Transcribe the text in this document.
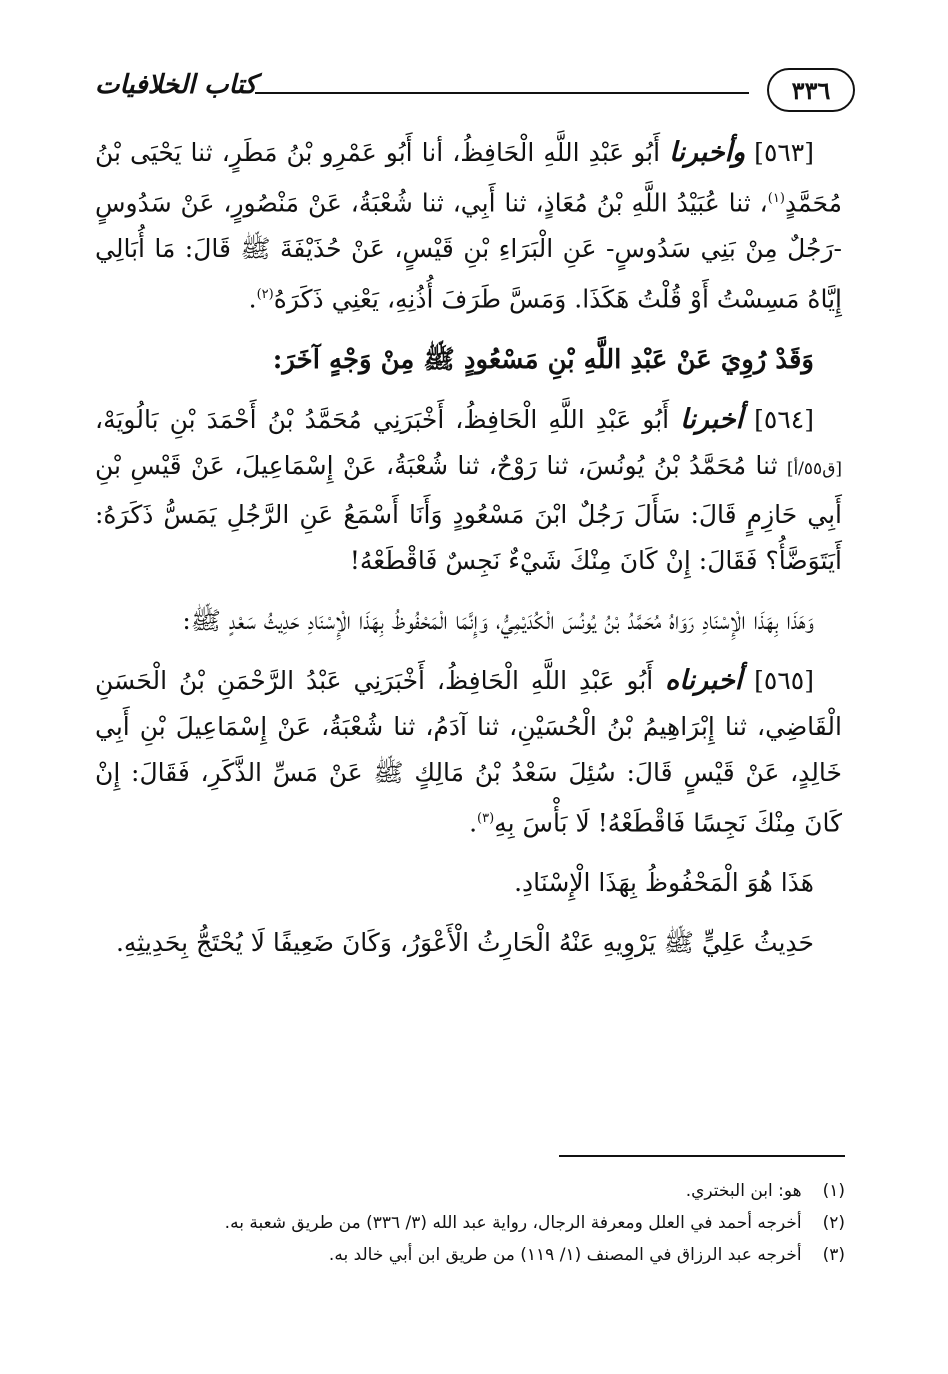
٣٣٦
كتاب الخلافيات

[٥٦٣] وأخبرنا أَبُو عَبْدِ اللَّهِ الْحَافِظُ، أنا أَبُو عَمْرِو بْنُ مَطَرٍ، ثنا يَحْيَى بْنُ مُحَمَّدٍ$^{(١)}$، ثنا عُبَيْدُ اللَّهِ بْنُ مُعَاذٍ، ثنا أَبِي، ثنا شُعْبَةُ، عَنْ مَنْصُورٍ، عَنْ سَدُوسٍ -رَجُلٌ مِنْ بَنِي سَدُوسٍ- عَنِ الْبَرَاءِ بْنِ قَيْسٍ، عَنْ حُذَيْفَةَ ﷺ قَالَ: مَا أُبَالِي إِيَّاهُ مَسِسْتُ أَوْ قُلْتُ هَكَذَا. وَمَسَّ طَرَفَ أُذُنِهِ، يَعْنِي ذَكَرَهُ$^{(٢)}$.

وَقَدْ رُوِيَ عَنْ عَبْدِ اللَّهِ بْنِ مَسْعُودٍ ﷺ مِنْ وَجْهٍ آخَرَ:

[٥٦٤] أخبرنا أَبُو عَبْدِ اللَّهِ الْحَافِظُ، أَخْبَرَنِي مُحَمَّدُ بْنُ أَحْمَدَ بْنِ بَالُويَهْ، [ق٥٥/أ] ثنا مُحَمَّدُ بْنُ يُونُسَ، ثنا رَوْحٌ، ثنا شُعْبَةُ، عَنْ إِسْمَاعِيلَ، عَنْ قَيْسِ بْنِ أَبِي حَازِمٍ قَالَ: سَأَلَ رَجُلٌ ابْنَ مَسْعُودٍ وَأَنَا أَسْمَعُ عَنِ الرَّجُلِ يَمَسُّ ذَكَرَهُ: أَيَتَوَضَّأُ؟ فَقَالَ: إِنْ كَانَ مِنْكَ شَيْءٌ نَجِسٌ فَاقْطَعْهُ!

وَهَذَا بِهَذَا الْإِسْنَادِ رَوَاهُ مُحَمَّدُ بْنُ يُونُسَ الْكُدَيْمِيُّ، وَإِنَّمَا الْمَحْفُوظُ بِهَذَا الْإِسْنَادِ حَدِيثُ سَعْدٍ ﷺ:

[٥٦٥] أخبرناه أَبُو عَبْدِ اللَّهِ الْحَافِظُ، أَخْبَرَنِي عَبْدُ الرَّحْمَنِ بْنُ الْحَسَنِ الْقَاضِي، ثنا إِبْرَاهِيمُ بْنُ الْحُسَيْنِ، ثنا آدَمُ، ثنا شُعْبَةُ، عَنْ إِسْمَاعِيلَ بْنِ أَبِي خَالِدٍ، عَنْ قَيْسٍ قَالَ: سُئِلَ سَعْدُ بْنُ مَالِكٍ ﷺ عَنْ مَسِّ الذَّكَرِ، فَقَالَ: إِنْ كَانَ مِنْكَ نَجِسًا فَاقْطَعْهُ! لَا بَأْسَ بِهِ$^{(٣)}$.

هَذَا هُوَ الْمَحْفُوظُ بِهَذَا الْإِسْنَادِ.

حَدِيثُ عَلِيٍّ ﷺ يَرْوِيهِ عَنْهُ الْحَارِثُ الْأَعْوَرُ، وَكَانَ ضَعِيفًا لَا يُحْتَجُّ بِحَدِيثِهِ.

(١) هو: ابن البختري.

(٢) أخرجه أحمد في العلل ومعرفة الرجال، رواية عبد الله (٣/ ٣٣٦) من طريق شعبة به.

(٣) أخرجه عبد الرزاق في المصنف (١/ ١١٩) من طريق ابن أبي خالد به.
